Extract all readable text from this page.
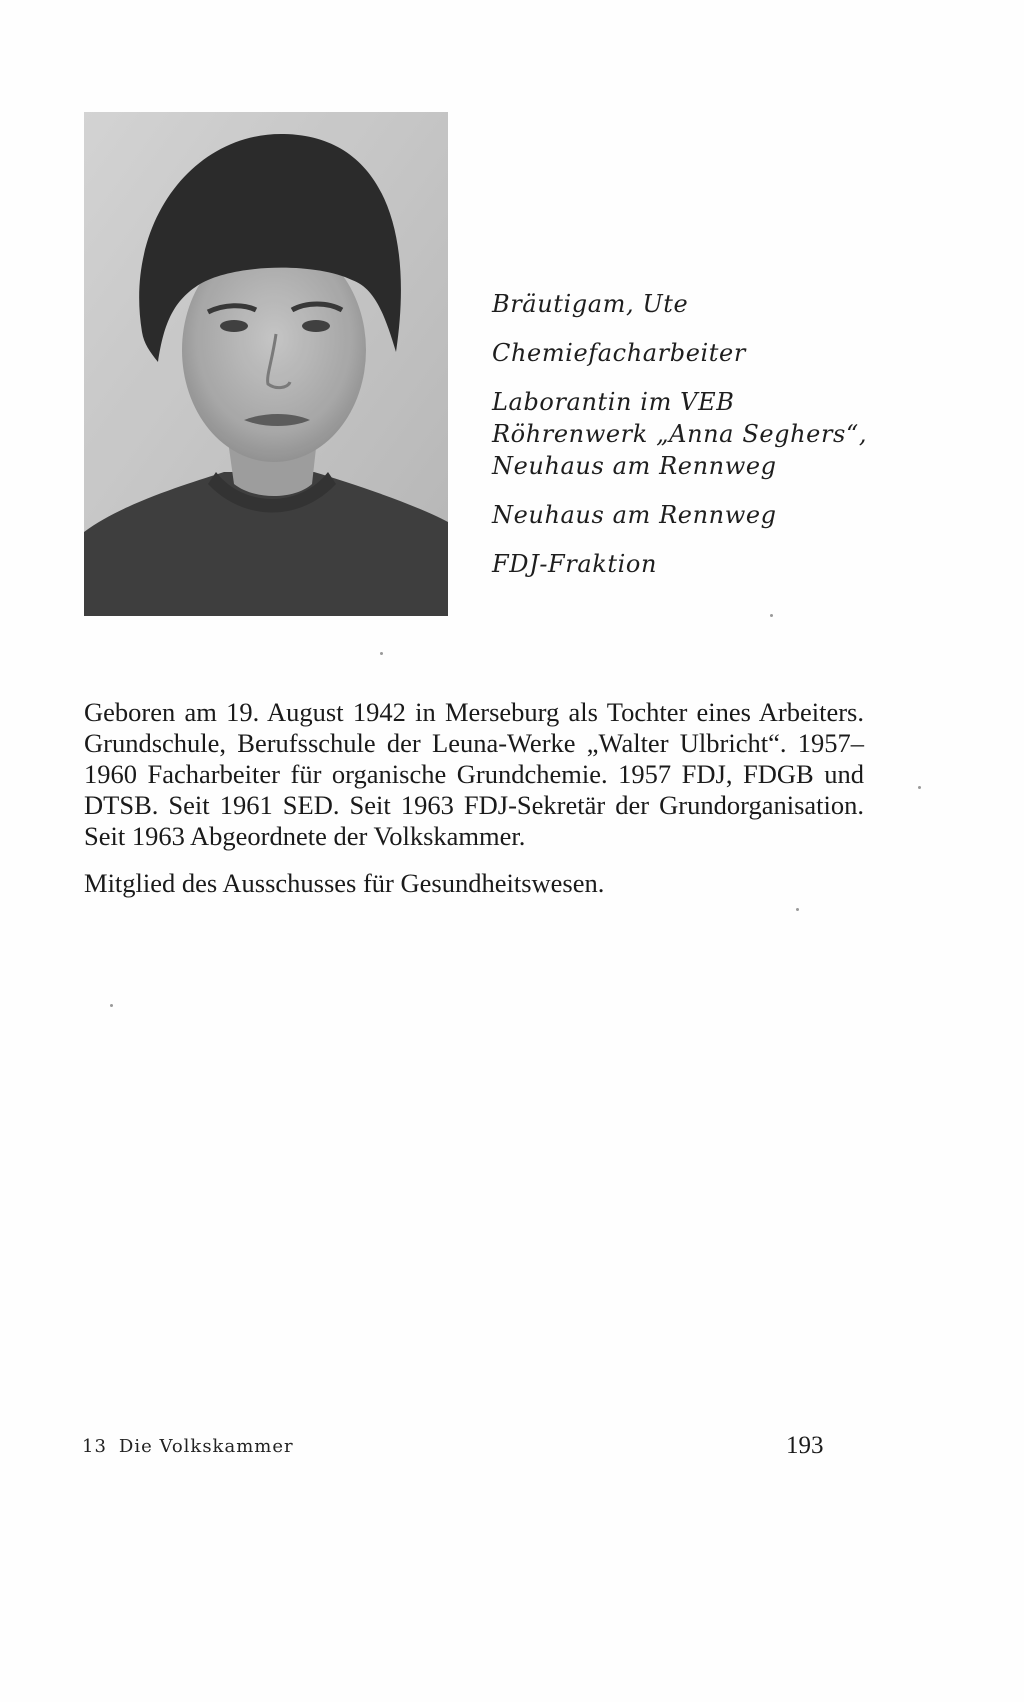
Bräutigam, Ute
Chemiefacharbeiter
Laborantin im VEB Röhrenwerk „Anna Seghers“, Neuhaus am Rennweg
Neuhaus am Rennweg
FDJ-Fraktion

Geboren am 19. August 1942 in Merseburg als Tochter eines Arbeiters. Grundschule, Berufsschule der Leuna-Werke „Walter Ulbricht“. 1957–1960 Facharbeiter für organische Grundchemie. 1957 FDJ, FDGB und DTSB. Seit 1961 SED. Seit 1963 FDJ-Sekretär der Grundorganisation. Seit 1963 Abgeordnete der Volkskammer.

Mitglied des Ausschusses für Gesundheitswesen.

13 Die Volkskammer	193
